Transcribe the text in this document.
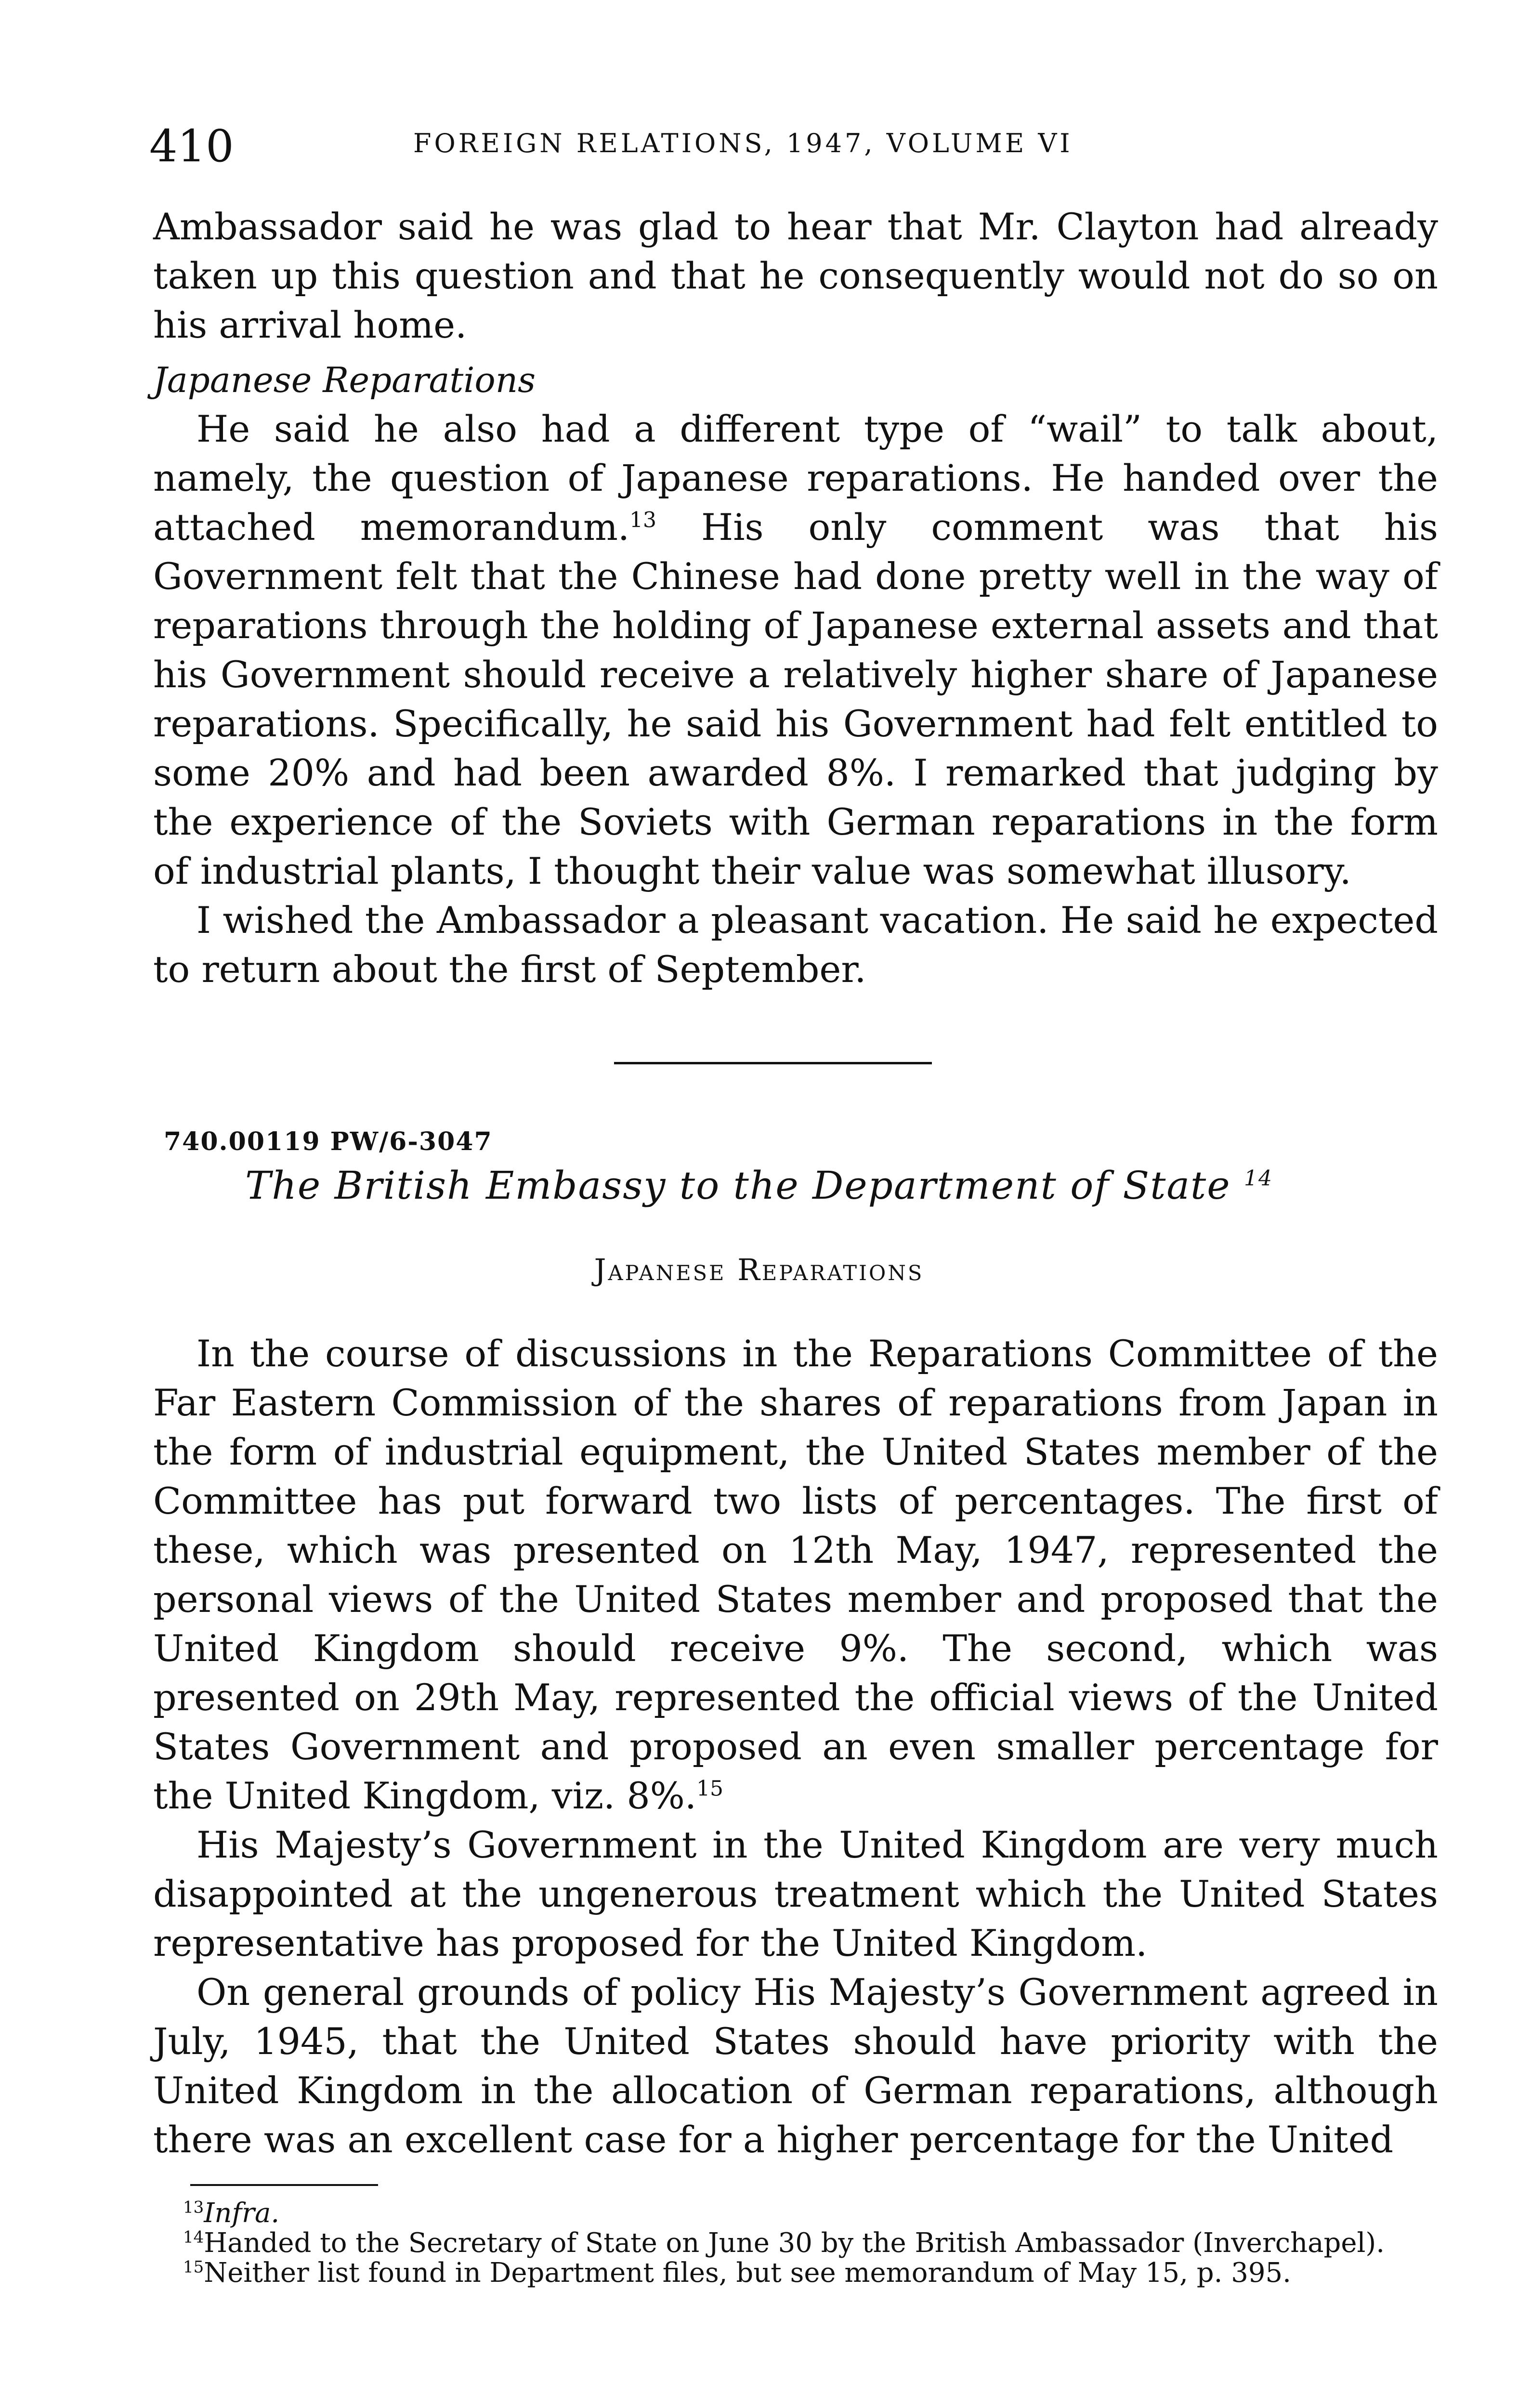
410	FOREIGN RELATIONS, 1947, VOLUME VI

Ambassador said he was glad to hear that Mr. Clayton had already taken up this question and that he consequently would not do so on his arrival home.

Japanese Reparations

He said he also had a different type of “wail” to talk about, namely, the question of Japanese reparations. He handed over the attached memorandum.$^{13}$ His only comment was that his Government felt that the Chinese had done pretty well in the way of reparations through the holding of Japanese external assets and that his Government should receive a relatively higher share of Japanese reparations. Specifically, he said his Government had felt entitled to some 20% and had been awarded 8%. I remarked that judging by the experience of the Soviets with German reparations in the form of industrial plants, I thought their value was somewhat illusory.

I wished the Ambassador a pleasant vacation. He said he expected to return about the first of September.

740.00119 PW/6-3047
The British Embassy to the Department of State $^{14}$
Japanese Reparations

In the course of discussions in the Reparations Committee of the Far Eastern Commission of the shares of reparations from Japan in the form of industrial equipment, the United States member of the Committee has put forward two lists of percentages. The first of these, which was presented on 12th May, 1947, represented the personal views of the United States member and proposed that the United Kingdom should receive 9%. The second, which was presented on 29th May, represented the official views of the United States Government and proposed an even smaller percentage for the United Kingdom, viz. 8%.$^{15}$

His Majesty’s Government in the United Kingdom are very much disappointed at the ungenerous treatment which the United States representative has proposed for the United Kingdom.

On general grounds of policy His Majesty’s Government agreed in July, 1945, that the United States should have priority with the United Kingdom in the allocation of German reparations, although there was an excellent case for a higher percentage for the United

$^{13}$Infra.

$^{14}$Handed to the Secretary of State on June 30 by the British Ambassador (Inverchapel).

$^{15}$Neither list found in Department files, but see memorandum of May 15, p. 395.
